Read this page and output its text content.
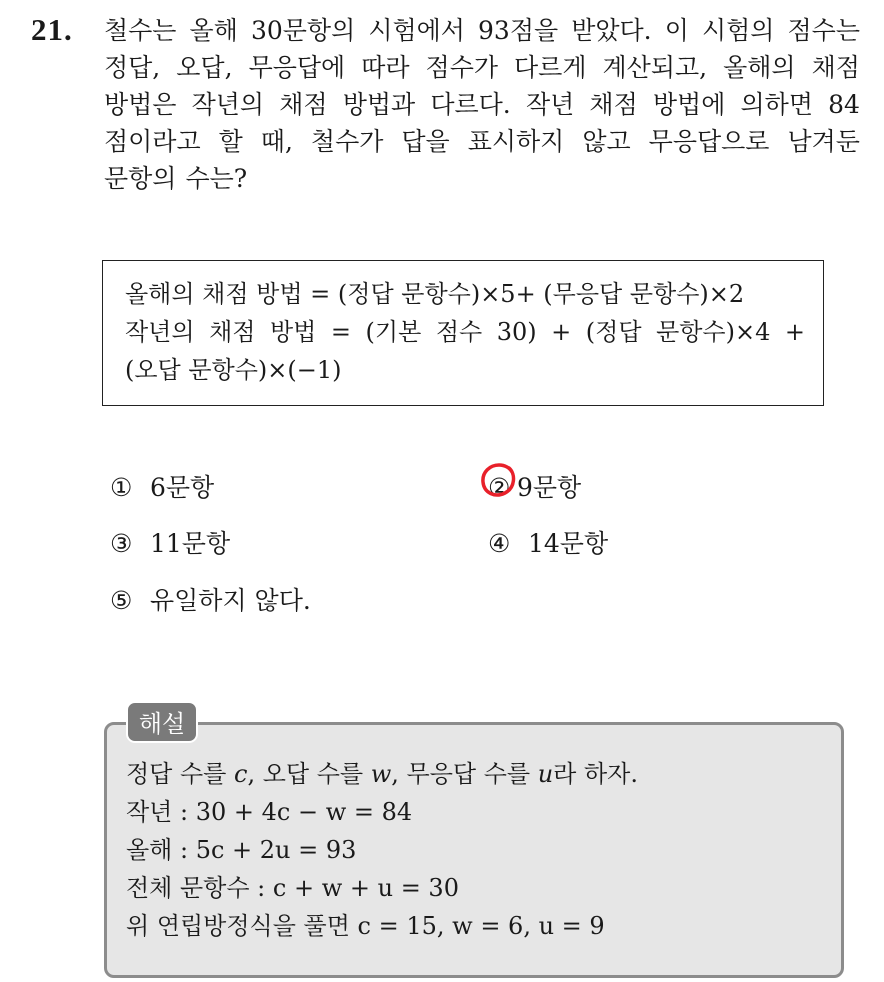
21. 철수는 올해 30문항의 시험에서 93점을 받았다. 이 시험의 점수는
정답, 오답, 무응답에 따라 점수가 다르게 계산되고, 올해의 채점
방법은 작년의 채점 방법과 다르다. 작년 채점 방법에 의하면 84
점이라고 할 때, 철수가 답을 표시하지 않고 무응답으로 남겨둔
문항의 수는?
올해의 채점 방법 = (정답 문항수)×5+ (무응답 문항수)×2
작년의 채점 방법 = (기본 점수 30) + (정답 문항수)×4 +
(오답 문항수)×(−1)
① 6문항	② 9문항
③ 11문항	④ 14문항
⑤ 유일하지 않다.
해설
정답 수를 c, 오답 수를 w, 무응답 수를 u라 하자.
작년 : 30 + 4c − w = 84
올해 : 5c + 2u = 93
전체 문항수 : c + w + u = 30
위 연립방정식을 풀면 c = 15, w = 6, u = 9
